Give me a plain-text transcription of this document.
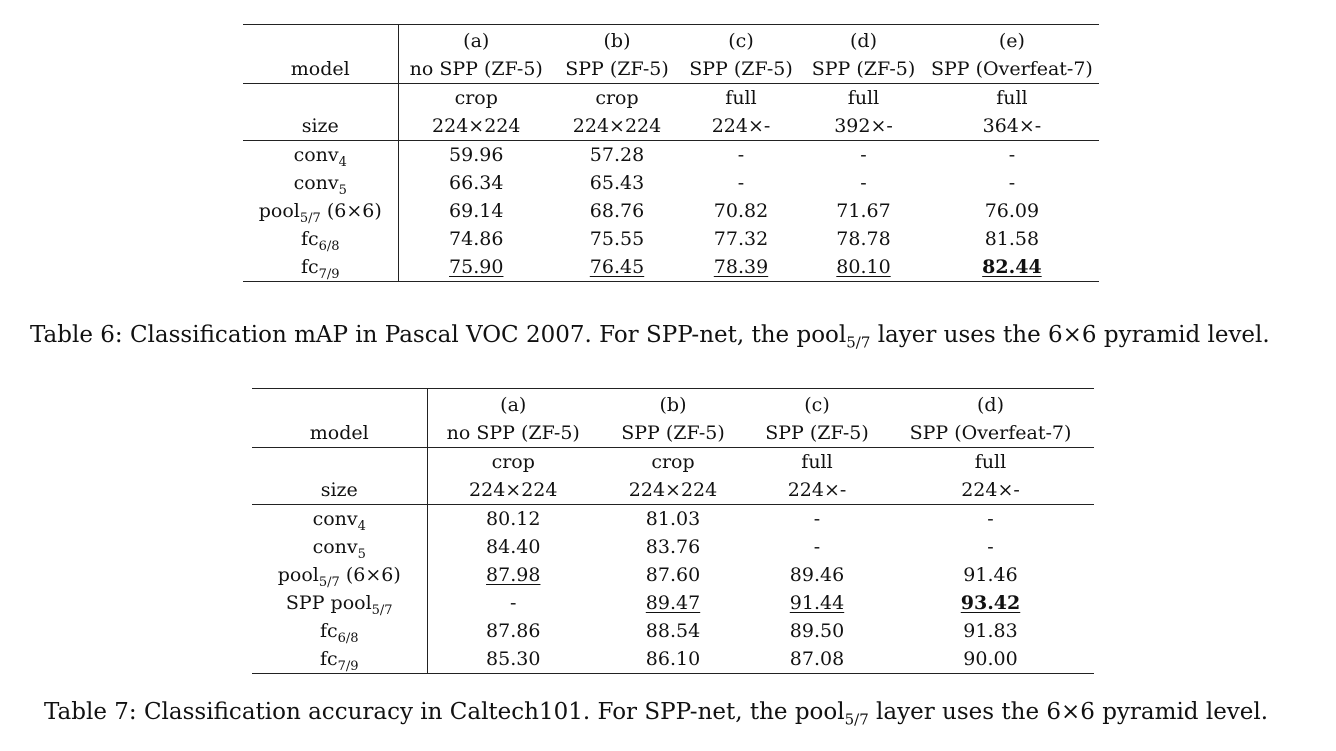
	(a)	(b)	(c)	(d)	(e)
model	no SPP (ZF-5)	SPP (ZF-5)	SPP (ZF-5)	SPP (ZF-5)	SPP (Overfeat-7)
	crop	crop	full	full	full
size	224×224	224×224	224×-	392×-	364×-
conv$_4$	59.96	57.28	-	-	-
conv$_5$	66.34	65.43	-	-	-
pool$_{5/7}$ (6×6)	69.14	68.76	70.82	71.67	76.09
$fc_{6/8}$	74.86	75.55	77.32	78.78	81.58
$fc_{7/9}$	75.90	76.45	78.39	80.10	82.44
Table 6: Classification mAP in Pascal VOC 2007. For SPP-net, the pool$_{5/7}$ layer uses the 6×6 pyramid level.
	(a)	(b)	(c)	(d)
model	no SPP (ZF-5)	SPP (ZF-5)	SPP (ZF-5)	SPP (Overfeat-7)
	crop	crop	full	full
size	224×224	224×224	224×-	224×-
conv$_4$	80.12	81.03	-	-
conv$_5$	84.40	83.76	-	-
pool$_{5/7}$ (6×6)	87.98	87.60	89.46	91.46
SPP pool$_{5/7}$	-	89.47	91.44	93.42
$fc_{6/8}$	87.86	88.54	89.50	91.83
$fc_{7/9}$	85.30	86.10	87.08	90.00
Table 7: Classification accuracy in Caltech101. For SPP-net, the pool$_{5/7}$ layer uses the 6×6 pyramid level.
